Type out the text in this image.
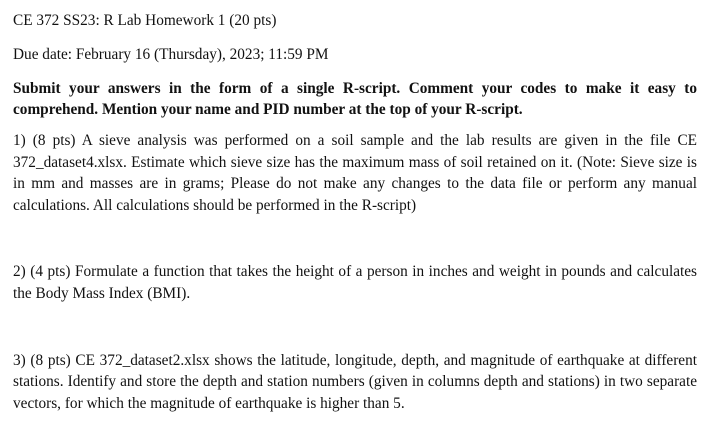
CE 372 SS23: R Lab Homework 1 (20 pts)

Due date: February 16 (Thursday), 2023; 11:59 PM

Submit your answers in the form of a single R-script. Comment your codes to make it easy to comprehend. Mention your name and PID number at the top of your R-script.

1) (8 pts) A sieve analysis was performed on a soil sample and the lab results are given in the file CE 372_dataset4.xlsx. Estimate which sieve size has the maximum mass of soil retained on it. (Note: Sieve size is in mm and masses are in grams; Please do not make any changes to the data file or perform any manual calculations. All calculations should be performed in the R-script)

2) (4 pts) Formulate a function that takes the height of a person in inches and weight in pounds and calculates the Body Mass Index (BMI).

3) (8 pts) CE 372_dataset2.xlsx shows the latitude, longitude, depth, and magnitude of earthquake at different stations. Identify and store the depth and station numbers (given in columns depth and stations) in two separate vectors, for which the magnitude of earthquake is higher than 5.
